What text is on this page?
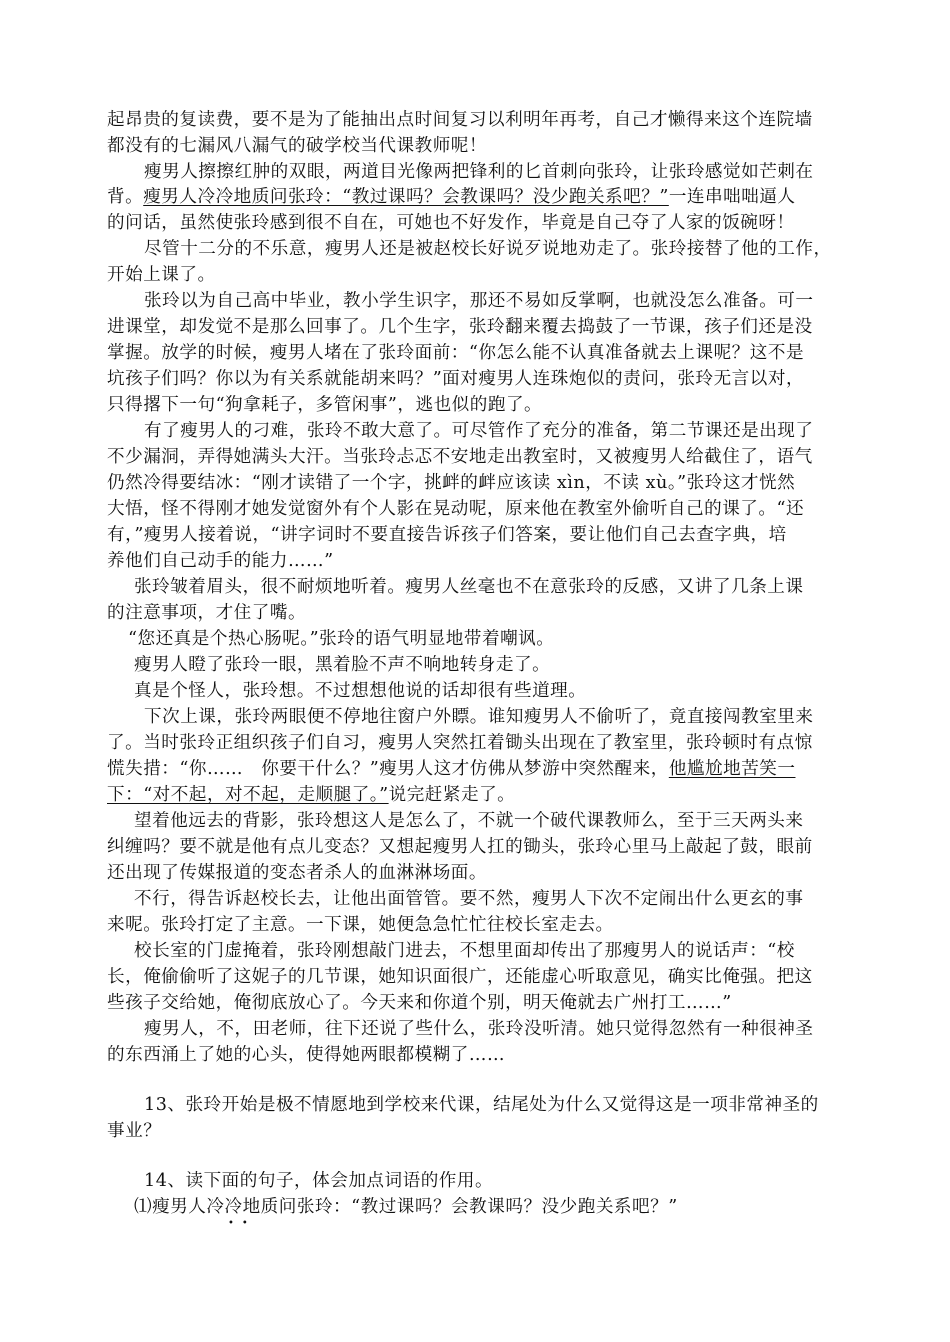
起昂贵的复读费，要不是为了能抽出点时间复习以利明年再考，自己才懒得来这个连院墙
都没有的七漏风八漏气的破学校当代课教师呢！
瘦男人擦擦红肿的双眼，两道目光像两把锋利的匕首刺向张玲，让张玲感觉如芒刺在
背。瘦男人冷冷地质问张玲：“教过课吗？会教课吗？没少跑关系吧？”一连串咄咄逼人
的问话，虽然使张玲感到很不自在，可她也不好发作，毕竟是自己夺了人家的饭碗呀！
尽管十二分的不乐意，瘦男人还是被赵校长好说歹说地劝走了。张玲接替了他的工作，
开始上课了。
张玲以为自己高中毕业，教小学生识字，那还不易如反掌啊，也就没怎么准备。可一
进课堂，却发觉不是那么回事了。几个生字，张玲翻来覆去捣鼓了一节课，孩子们还是没
掌握。放学的时候，瘦男人堵在了张玲面前：“你怎么能不认真准备就去上课呢？这不是
坑孩子们吗？你以为有关系就能胡来吗？”面对瘦男人连珠炮似的责问，张玲无言以对，
只得撂下一句“狗拿耗子，多管闲事”，逃也似的跑了。
有了瘦男人的刁难，张玲不敢大意了。可尽管作了充分的准备，第二节课还是出现了
不少漏洞，弄得她满头大汗。当张玲忐忑不安地走出教室时，又被瘦男人给截住了，语气
仍然冷得要结冰：“刚才读错了一个字，挑衅的衅应该读 xìn，不读 xù。”张玲这才恍然
大悟，怪不得刚才她发觉窗外有个人影在晃动呢，原来他在教室外偷听自己的课了。“还
有，”瘦男人接着说，“讲字词时不要直接告诉孩子们答案，要让他们自己去查字典，培
养他们自己动手的能力……”
张玲皱着眉头，很不耐烦地听着。瘦男人丝毫也不在意张玲的反感，又讲了几条上课
的注意事项，才住了嘴。
“您还真是个热心肠呢。”张玲的语气明显地带着嘲讽。
瘦男人瞪了张玲一眼，黑着脸不声不响地转身走了。
真是个怪人，张玲想。不过想想他说的话却很有些道理。
下次上课，张玲两眼便不停地往窗户外瞟。谁知瘦男人不偷听了，竟直接闯教室里来
了。当时张玲正组织孩子们自习，瘦男人突然扛着锄头出现在了教室里，张玲顿时有点惊
慌失措：“你……　你要干什么？”瘦男人这才仿佛从梦游中突然醒来，他尴尬地苦笑一
下：“对不起，对不起，走顺腿了。”说完赶紧走了。
望着他远去的背影，张玲想这人是怎么了，不就一个破代课教师么，至于三天两头来
纠缠吗？要不就是他有点儿变态？又想起瘦男人扛的锄头，张玲心里马上敲起了鼓，眼前
还出现了传媒报道的变态者杀人的血淋淋场面。
不行，得告诉赵校长去，让他出面管管。要不然，瘦男人下次不定闹出什么更玄的事
来呢。张玲打定了主意。一下课，她便急急忙忙往校长室走去。
校长室的门虚掩着，张玲刚想敲门进去，不想里面却传出了那瘦男人的说话声：“校
长，俺偷偷听了这妮子的几节课，她知识面很广，还能虚心听取意见，确实比俺强。把这
些孩子交给她，俺彻底放心了。今天来和你道个别，明天俺就去广州打工……”
瘦男人，不，田老师，往下还说了些什么，张玲没听清。她只觉得忽然有一种很神圣
的东西涌上了她的心头，使得她两眼都模糊了……
13、张玲开始是极不情愿地到学校来代课，结尾处为什么又觉得这是一项非常神圣的
事业？
14、读下面的句子，体会加点词语的作用。
⑴瘦男人冷冷地质问张玲：“教过课吗？会教课吗？没少跑关系吧？”
••
